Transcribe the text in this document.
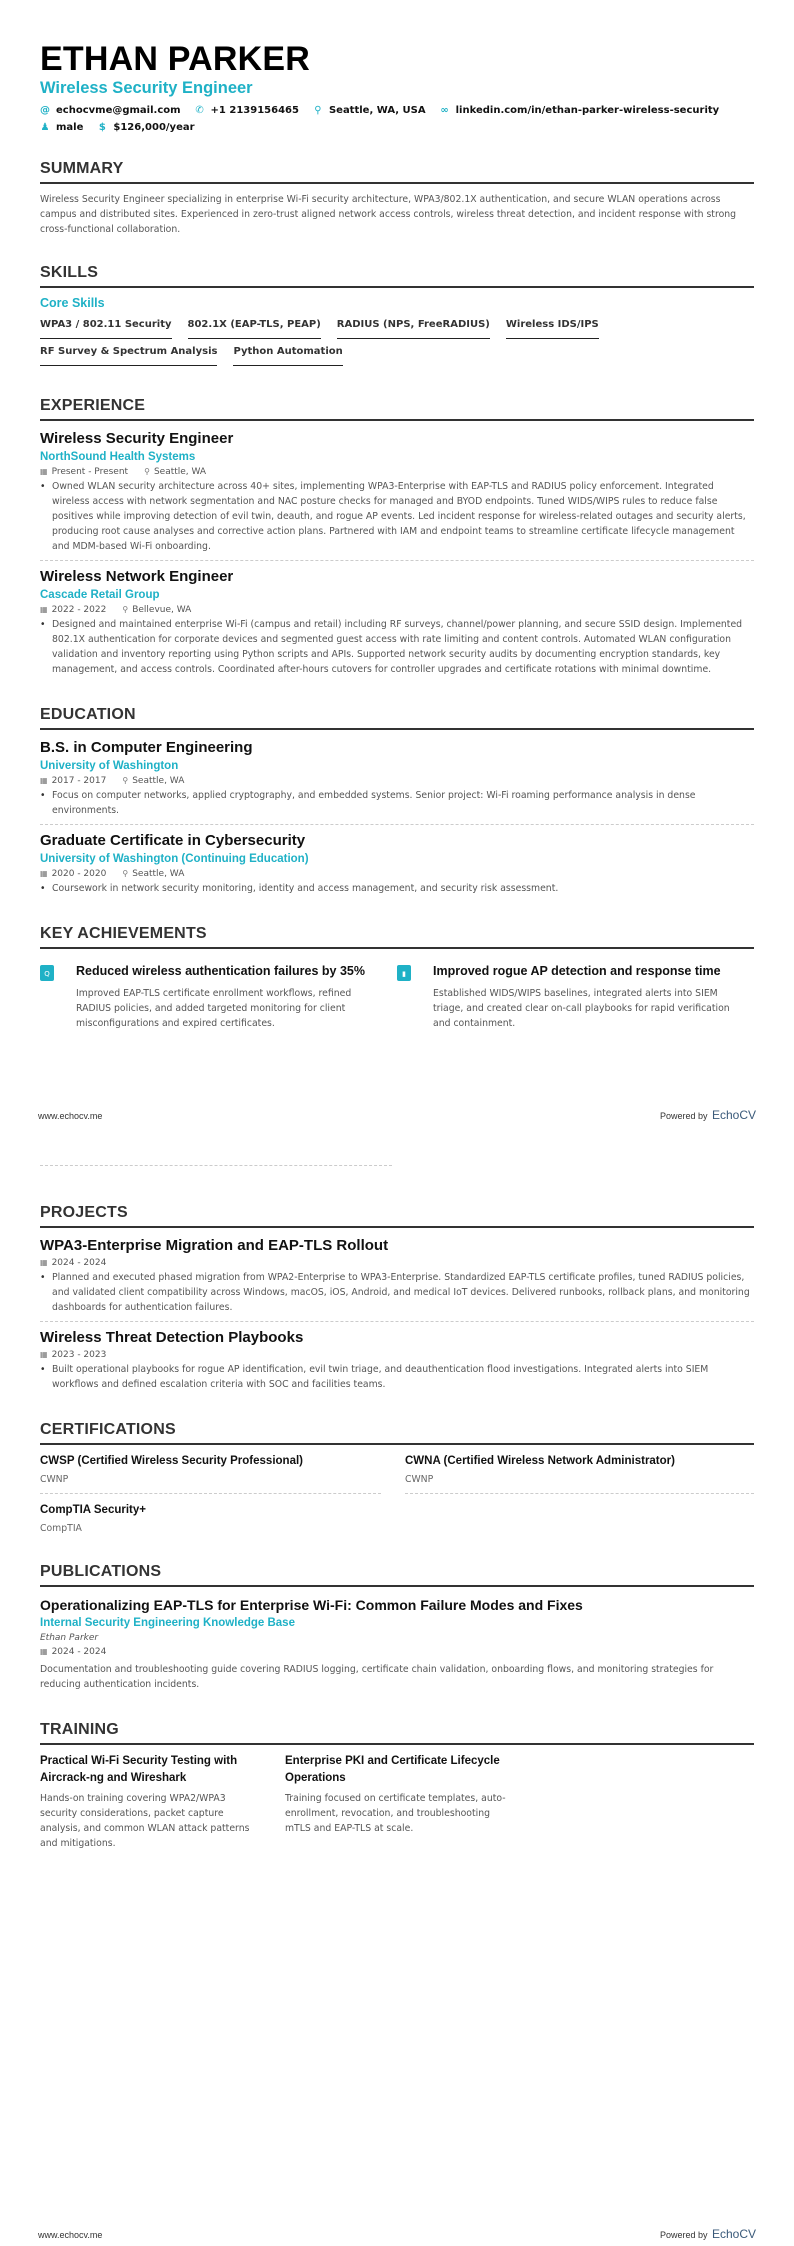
ETHAN PARKER
Wireless Security Engineer
@ echocvme@gmail.com ✆ +1 2139156465 ⚲ Seattle, WA, USA ∞ linkedin.com/in/ethan-parker-wireless-security
♟ male $ $126,000/year
SUMMARY
Wireless Security Engineer specializing in enterprise Wi-Fi security architecture, WPA3/802.1X authentication, and secure WLAN operations across campus and distributed sites. Experienced in zero-trust aligned network access controls, wireless threat detection, and incident response with strong cross-functional collaboration.
SKILLS
Core Skills
WPA3 / 802.11 Security 802.1X (EAP-TLS, PEAP) RADIUS (NPS, FreeRADIUS) Wireless IDS/IPS
RF Survey & Spectrum Analysis Python Automation
EXPERIENCE
Wireless Security Engineer
NorthSound Health Systems
▦ Present - Present ⚲ Seattle, WA
• Owned WLAN security architecture across 40+ sites, implementing WPA3-Enterprise with EAP-TLS and RADIUS policy enforcement. Integrated wireless access with network segmentation and NAC posture checks for managed and BYOD endpoints. Tuned WIDS/WIPS rules to reduce false positives while improving detection of evil twin, deauth, and rogue AP events. Led incident response for wireless-related outages and security alerts, producing root cause analyses and corrective action plans. Partnered with IAM and endpoint teams to streamline certificate lifecycle management and MDM-based Wi-Fi onboarding.
Wireless Network Engineer
Cascade Retail Group
▦ 2022 - 2022 ⚲ Bellevue, WA
• Designed and maintained enterprise Wi-Fi (campus and retail) including RF surveys, channel/power planning, and secure SSID design. Implemented 802.1X authentication for corporate devices and segmented guest access with rate limiting and content controls. Automated WLAN configuration validation and inventory reporting using Python scripts and APIs. Supported network security audits by documenting encryption standards, key management, and access controls. Coordinated after-hours cutovers for controller upgrades and certificate rotations with minimal downtime.
EDUCATION
B.S. in Computer Engineering
University of Washington
▦ 2017 - 2017 ⚲ Seattle, WA
• Focus on computer networks, applied cryptography, and embedded systems. Senior project: Wi-Fi roaming performance analysis in dense environments.
Graduate Certificate in Cybersecurity
University of Washington (Continuing Education)
▦ 2020 - 2020 ⚲ Seattle, WA
• Coursework in network security monitoring, identity and access management, and security risk assessment.
KEY ACHIEVEMENTS
Q	Reduced wireless authentication failures by 35%
Improved EAP-TLS certificate enrollment workflows, refined RADIUS policies, and added targeted monitoring for client misconfigurations and expired certificates.
▮	Improved rogue AP detection and response time
Established WIDS/WIPS baselines, integrated alerts into SIEM triage, and created clear on-call playbooks for rapid verification and containment.
www.echocv.me	Powered by EchoCV
PROJECTS
WPA3-Enterprise Migration and EAP-TLS Rollout
▦ 2024 - 2024
• Planned and executed phased migration from WPA2-Enterprise to WPA3-Enterprise. Standardized EAP-TLS certificate profiles, tuned RADIUS policies, and validated client compatibility across Windows, macOS, iOS, Android, and medical IoT devices. Delivered runbooks, rollback plans, and monitoring dashboards for authentication failures.
Wireless Threat Detection Playbooks
▦ 2023 - 2023
• Built operational playbooks for rogue AP identification, evil twin triage, and deauthentication flood investigations. Integrated alerts into SIEM workflows and defined escalation criteria with SOC and facilities teams.
CERTIFICATIONS
CWSP (Certified Wireless Security Professional)
CWNP
CWNA (Certified Wireless Network Administrator)
CWNP
CompTIA Security+
CompTIA
PUBLICATIONS
Operationalizing EAP-TLS for Enterprise Wi-Fi: Common Failure Modes and Fixes
Internal Security Engineering Knowledge Base
Ethan Parker
▦ 2024 - 2024
Documentation and troubleshooting guide covering RADIUS logging, certificate chain validation, onboarding flows, and monitoring strategies for reducing authentication incidents.
TRAINING
Practical Wi-Fi Security Testing with Aircrack-ng and Wireshark
Hands-on training covering WPA2/WPA3 security considerations, packet capture analysis, and common WLAN attack patterns and mitigations.
Enterprise PKI and Certificate Lifecycle Operations
Training focused on certificate templates, auto-enrollment, revocation, and troubleshooting mTLS and EAP-TLS at scale.
www.echocv.me	Powered by EchoCV
